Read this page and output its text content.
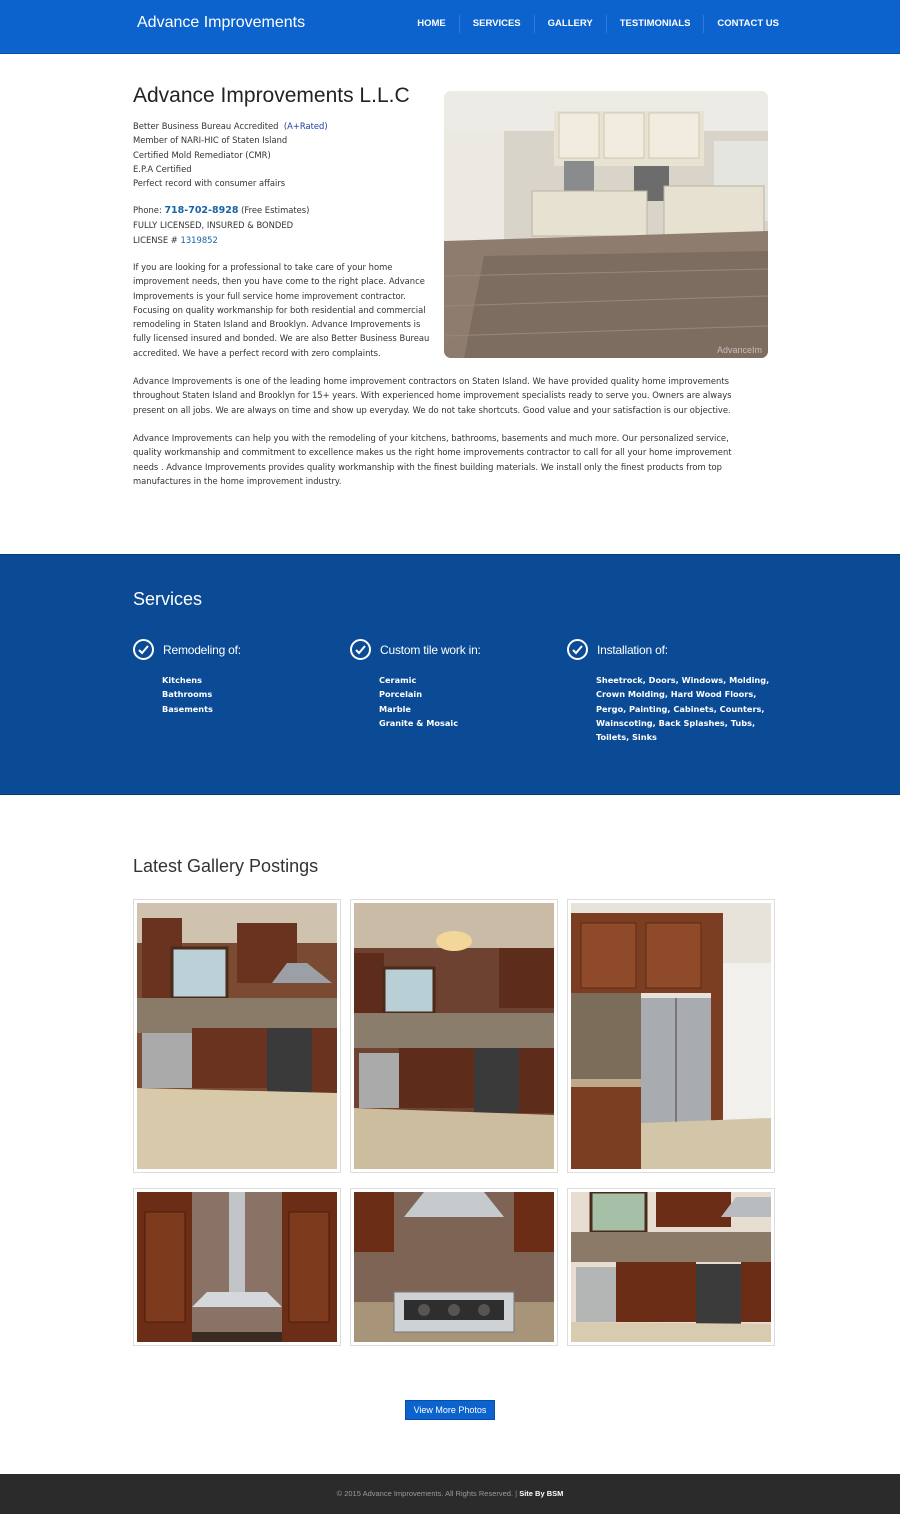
Advance Improvements	HOME	SERVICES	GALLERY	TESTIMONIALS	CONTACT US
Advance Improvements L.L.C
Better Business Bureau Accredited (A+Rated)
Member of NARI-HIC of Staten Island
Certified Mold Remediator (CMR)
E.P.A Certified
Perfect record with consumer affairs
Phone: 718-702-8928 (Free Estimates)
FULLY LICENSED, INSURED & BONDED
LICENSE # 1319852

If you are looking for a professional to take care of your home improvement needs, then you have come to the right place. Advance Improvements is your full service home improvement contractor. Focusing on quality workmanship for both residential and commercial remodeling in Staten Island and Brooklyn. Advance Improvements is fully licensed insured and bonded. We are also Better Business Bureau accredited. We have a perfect record with zero complaints.

Advance Improvements is one of the leading home improvement contractors on Staten Island. We have provided quality home improvements throughout Staten Island and Brooklyn for 15+ years. With experienced home improvement specialists ready to serve you. Owners are always present on all jobs. We are always on time and show up everyday. We do not take shortcuts. Good value and your satisfaction is our objective.

Advance Improvements can help you with the remodeling of your kitchens, bathrooms, basements and much more. Our personalized service, quality workmanship and commitment to excellence makes us the right home improvements contractor to call for all your home improvement needs . Advance Improvements provides quality workmanship with the finest building materials. We install only the finest products from top manufactures in the home improvement industry.

AdvanceIm
Services
Remodeling of:
Kitchens
Bathrooms
Basements
Custom tile work in:
Ceramic
Porcelain
Marble
Granite & Mosaic
Installation of:
Sheetrock, Doors, Windows, Molding,
Crown Molding, Hard Wood Floors,
Pergo, Painting, Cabinets, Counters,
Wainscoting, Back Splashes, Tubs,
Toilets, Sinks
Latest Gallery Postings
View More Photos
© 2015 Advance Improvements. All Rights Reserved. | Site By BSM
